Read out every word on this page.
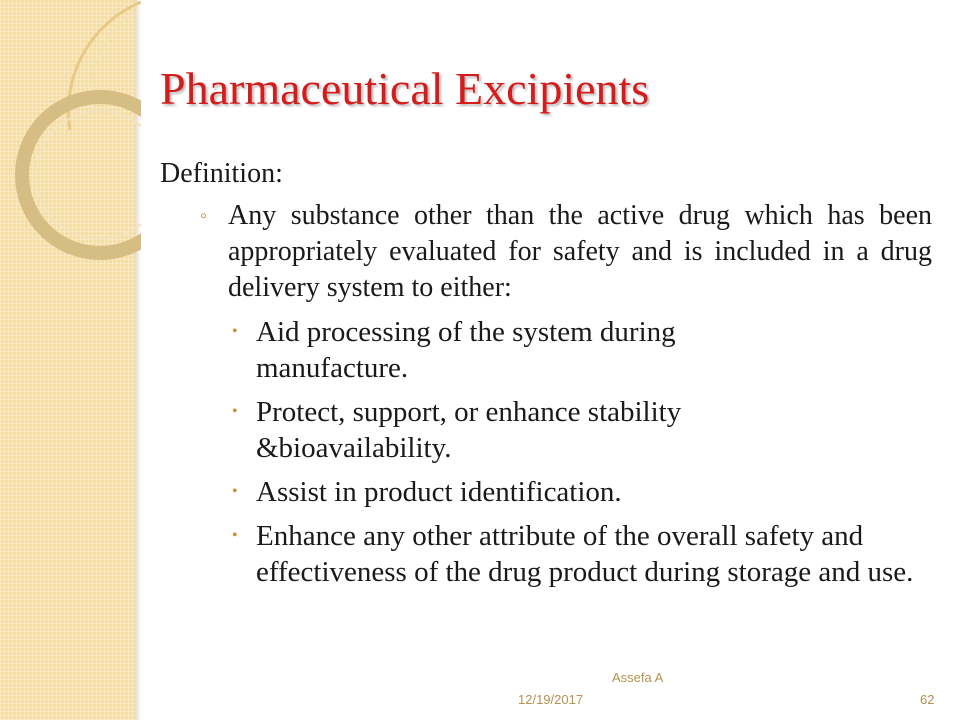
Pharmaceutical Excipients
Definition:
◦ Any substance other than the active drug which has been appropriately evaluated for safety and is included in a drug delivery system to either:
• Aid processing of the system during manufacture.
• Protect, support, or enhance stability &bioavailability.
• Assist in product identification.
• Enhance any other attribute of the overall safety and effectiveness of the drug product during storage and use.
Assefa A
12/19/2017	62
